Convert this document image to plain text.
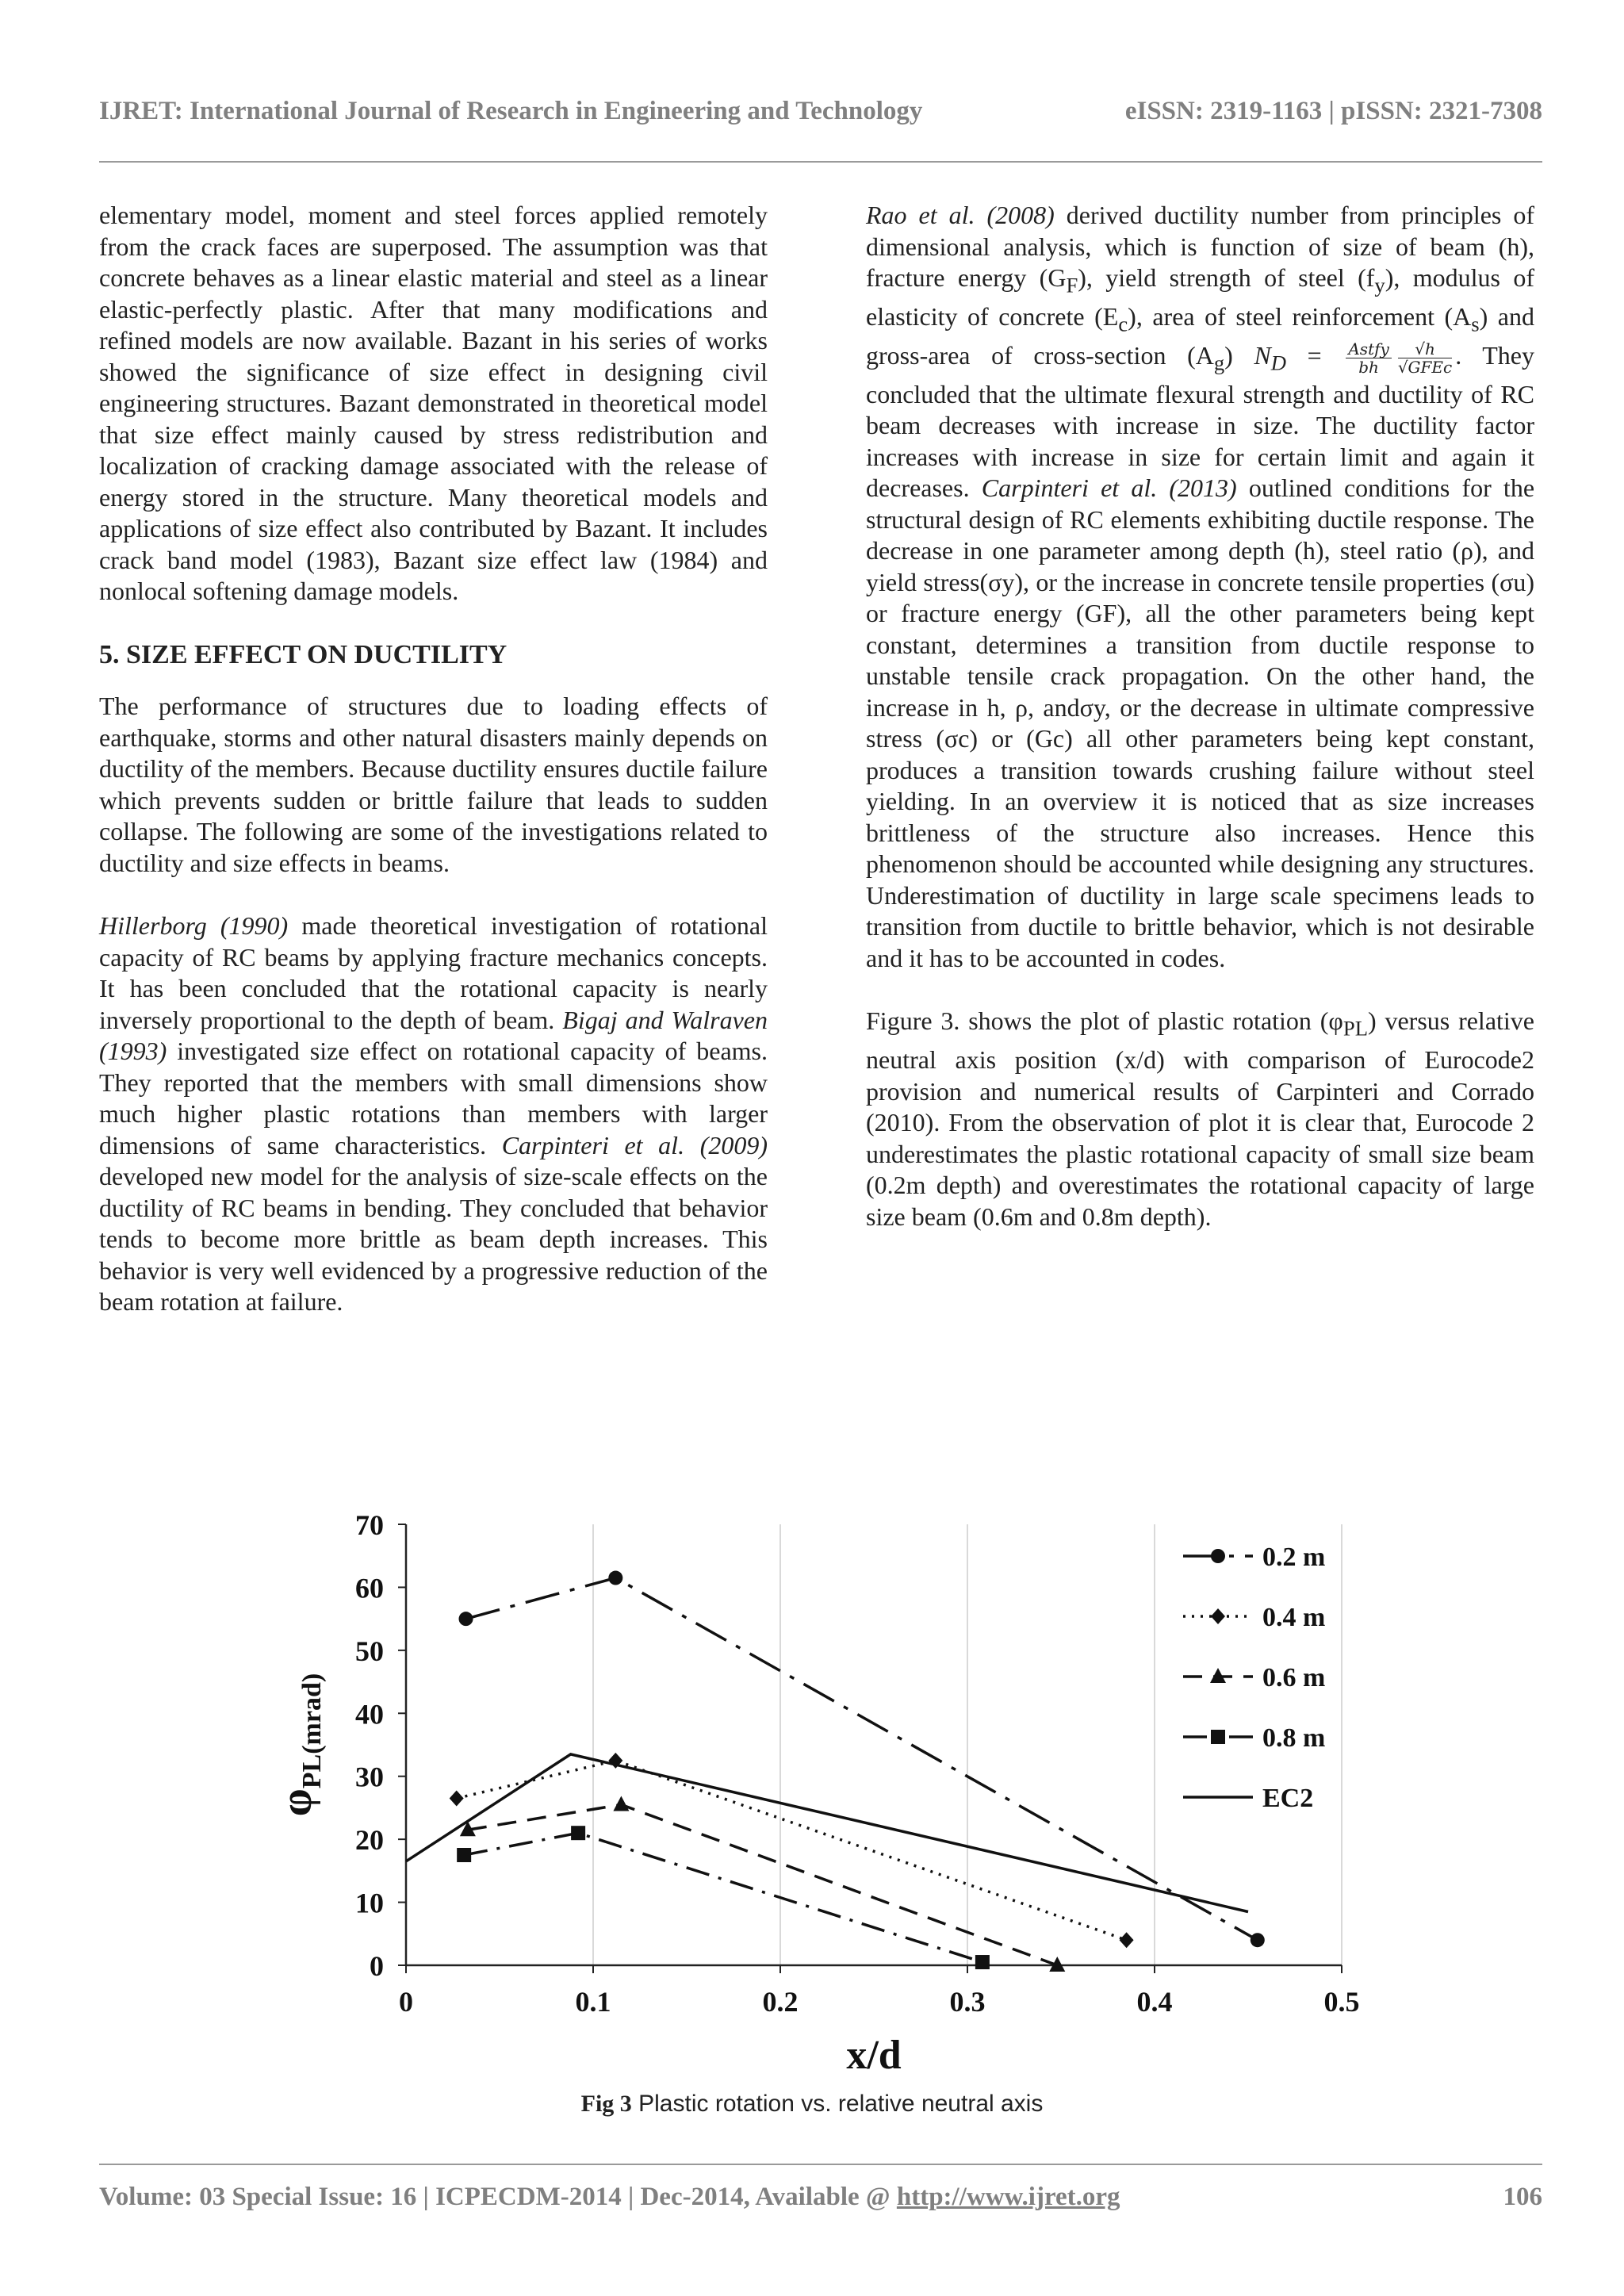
IJRET: International Journal of Research in Engineering and Technology	eISSN: 2319-1163 | pISSN: 2321-7308

elementary model, moment and steel forces applied remotely from the crack faces are superposed. The assumption was that concrete behaves as a linear elastic material and steel as a linear elastic-perfectly plastic. After that many modifications and refined models are now available. Bazant in his series of works showed the significance of size effect in designing civil engineering structures. Bazant demonstrated in theoretical model that size effect mainly caused by stress redistribution and localization of cracking damage associated with the release of energy stored in the structure. Many theoretical models and applications of size effect also contributed by Bazant. It includes crack band model (1983), Bazant size effect law (1984) and nonlocal softening damage models.

5. SIZE EFFECT ON DUCTILITY

The performance of structures due to loading effects of earthquake, storms and other natural disasters mainly depends on ductility of the members. Because ductility ensures ductile failure which prevents sudden or brittle failure that leads to sudden collapse. The following are some of the investigations related to ductility and size effects in beams.

Hillerborg (1990) made theoretical investigation of rotational capacity of RC beams by applying fracture mechanics concepts. It has been concluded that the rotational capacity is nearly inversely proportional to the depth of beam. Bigaj and Walraven (1993) investigated size effect on rotational capacity of beams. They reported that the members with small dimensions show much higher plastic rotations than members with larger dimensions of same characteristics. Carpinteri et al. (2009) developed new model for the analysis of size-scale effects on the ductility of RC beams in bending. They concluded that behavior tends to become more brittle as beam depth increases. This behavior is very well evidenced by a progressive reduction of the beam rotation at failure.

Rao et al. (2008) derived ductility number from principles of dimensional analysis, which is function of size of beam (h), fracture energy $(G_F)$, yield strength of steel $(f_y)$, modulus of elasticity of concrete $(E_c)$, area of steel reinforcement $(A_s)$ and gross-area of cross-section $(A_g) N_D = \frac{\text{Astfy}}{bh} \frac{√h}{\text{√GFEc}}$ . They concluded that the ultimate flexural strength and ductility of RC beam decreases with increase in size. The ductility factor increases with increase in size for certain limit and again it decreases. Carpinteri et al. (2013) outlined conditions for the structural design of RC elements exhibiting ductile response. The decrease in one parameter among depth (h), steel ratio (ρ), and yield stress(σy), or the increase in concrete tensile properties (σu) or fracture energy (GF), all the other parameters being kept constant, determines a transition from ductile response to unstable tensile crack propagation. On the other hand, the increase in h, ρ, andσy, or the decrease in ultimate compressive stress (σc) or (Gc) all other parameters being kept constant, produces a transition towards crushing failure without steel yielding. In an overview it is noticed that as size increases brittleness of the structure also increases. Hence this phenomenon should be accounted while designing any structures. Underestimation of ductility in large scale specimens leads to transition from ductile to brittle behavior, which is not desirable and it has to be accounted in codes.

Figure 3. shows the plot of plastic rotation $(\varphi_{PL})$ versus relative neutral axis position (x/d) with comparison of Eurocode2 provision and numerical results of Carpinteri and Corrado (2010). From the observation of plot it is clear that, Eurocode 2 underestimates the plastic rotational capacity of small size beam (0.2m depth) and overestimates the rotational capacity of large size beam (0.6m and 0.8m depth).

0
10
20
30
40
50
60
70
0	0.1	0.2	0.3	0.4	0.5
x/d
$\varphi_{PL(mrad)}$
0.2 m
0.4 m
0.6 m
0.8 m
EC2
Fig 3 Plastic rotation vs. relative neutral axis
Volume: 03 Special Issue: 16 | ICPECDM-2014 | Dec-2014, Available @ http://www.ijret.org	106
